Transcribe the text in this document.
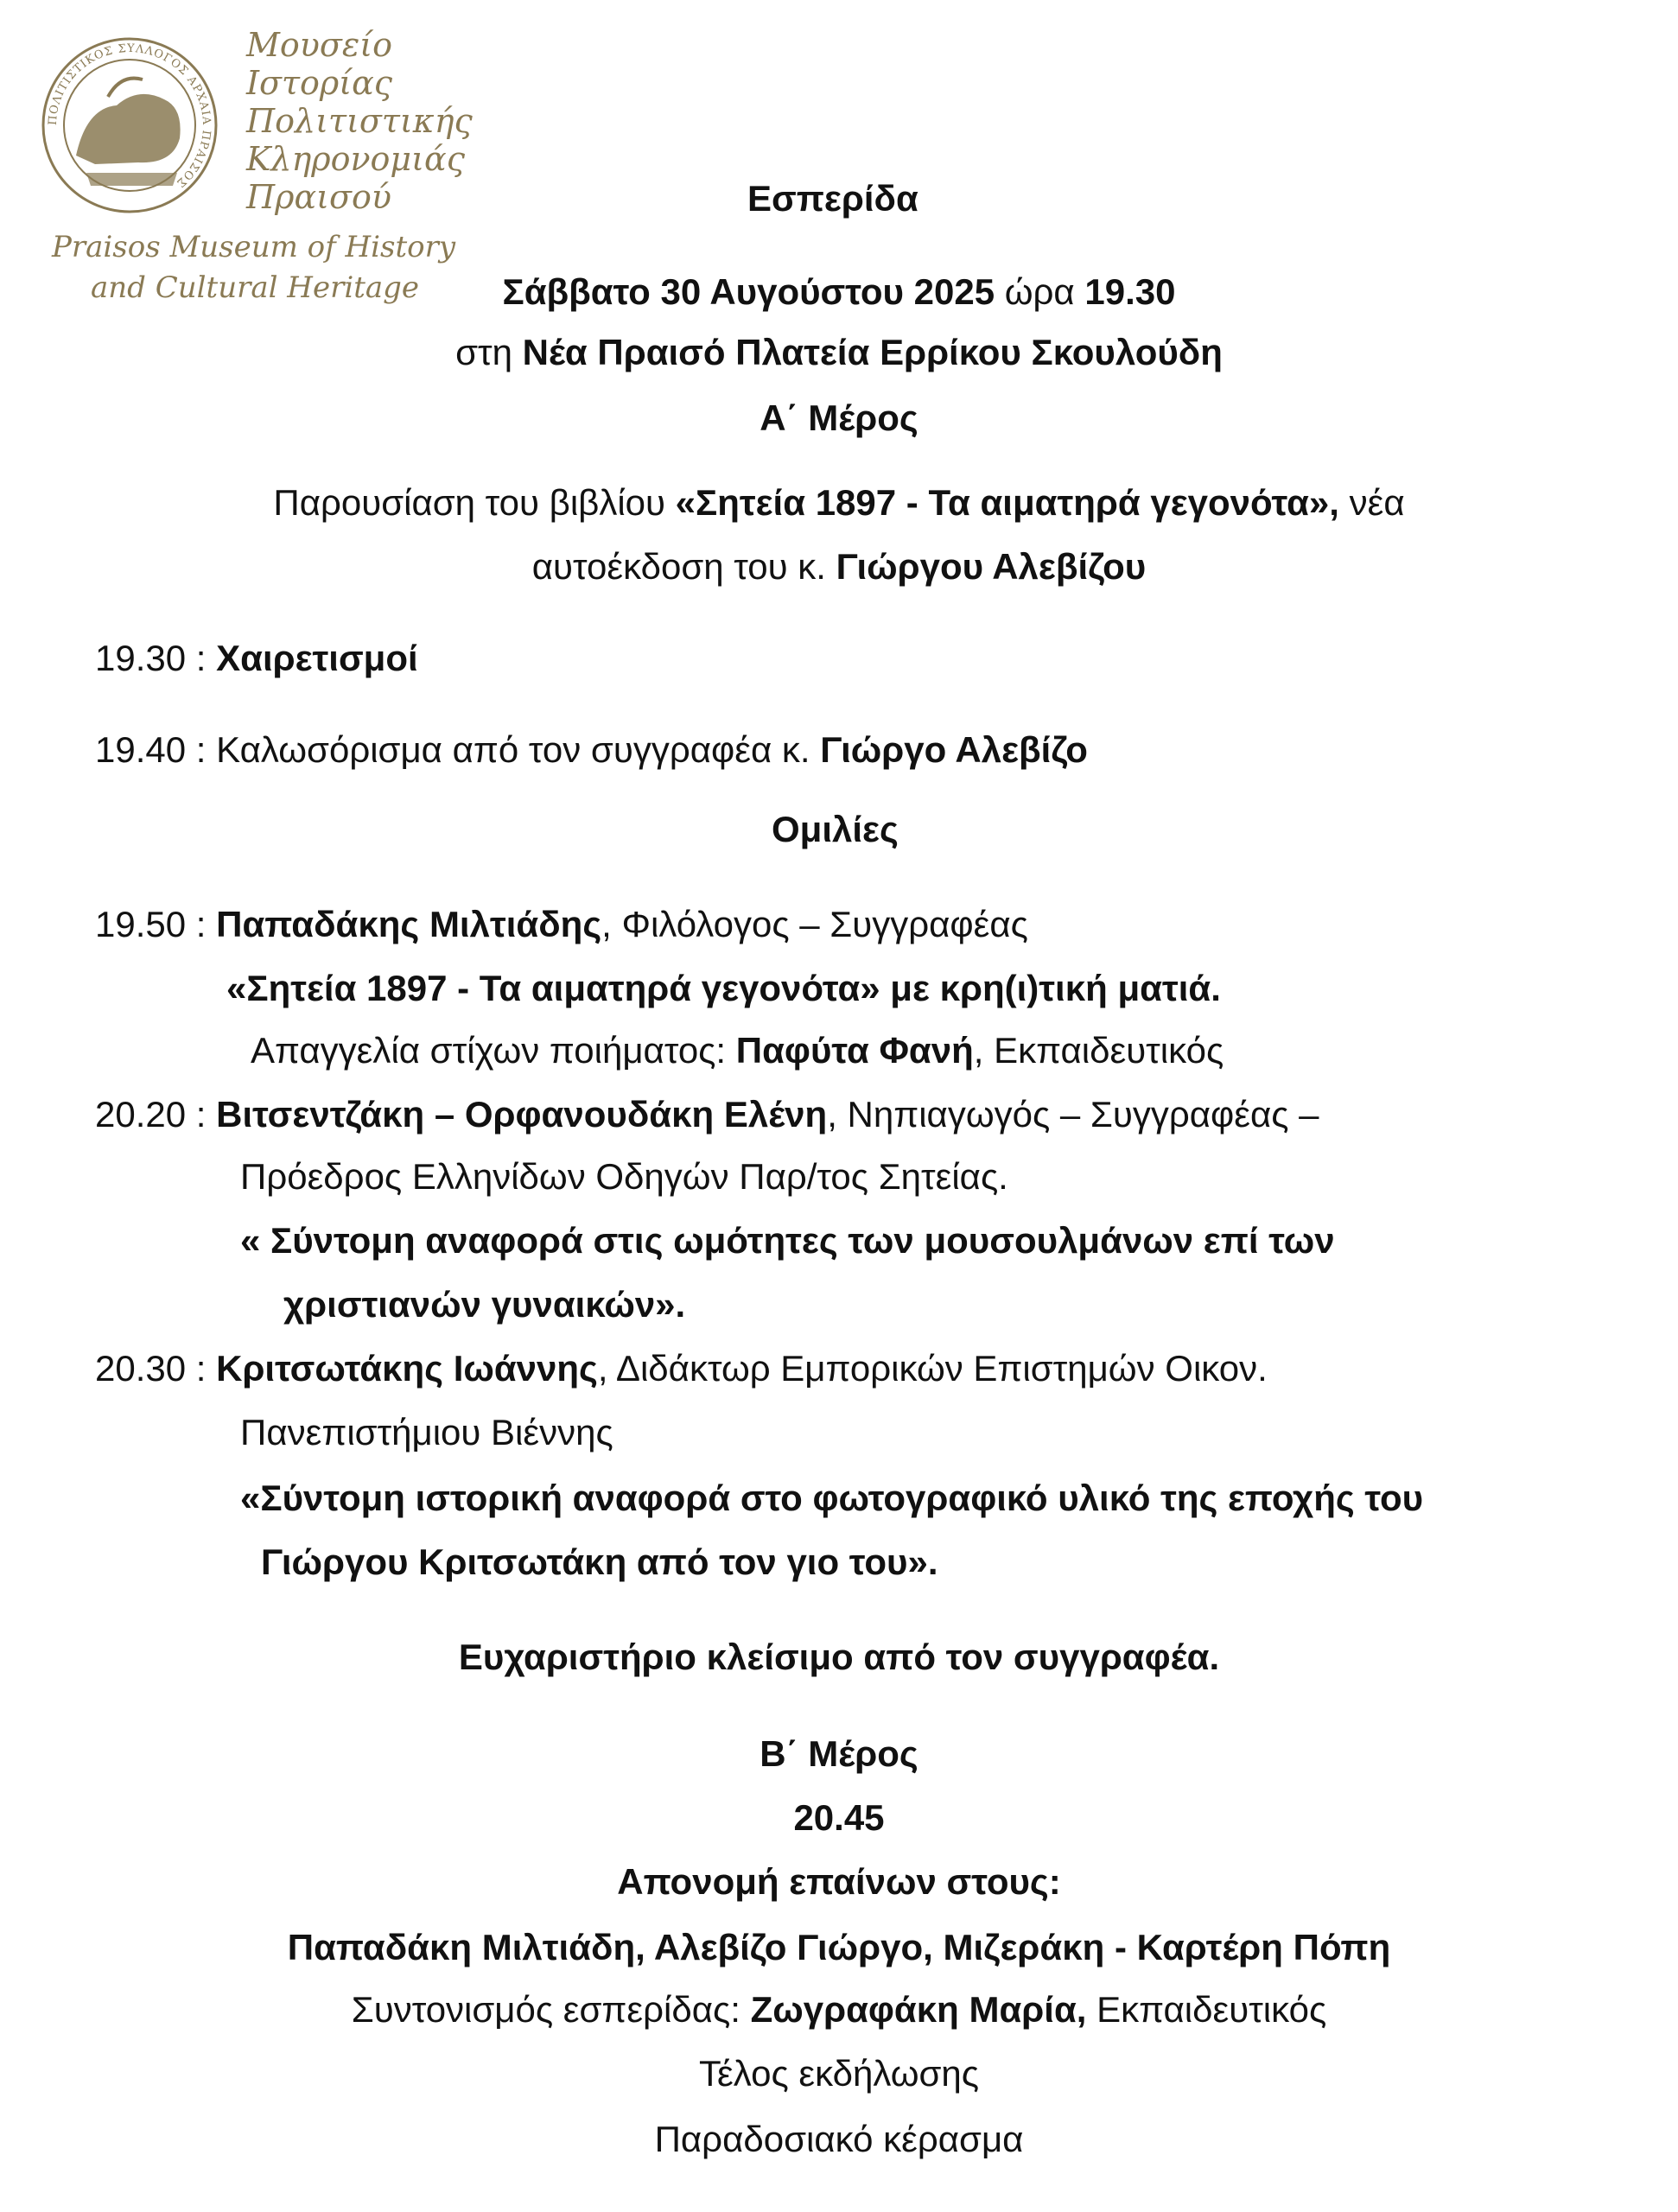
ΠΟΛΙΤΙΣΤΙΚΟΣ ΣΥΛΛΟΓΟΣ ΑΡΧΑΙΑ ΠΡΑΙΣΟΣ
Μουσείο
Ιστορίας
Πολιτιστικής
Κληρονομιάς
Πραισού
Praisos Museum of History
and Cultural Heritage
Εσπερίδα
Σάββατο 30 Αυγούστου 2025 ώρα 19.30
στη Νέα Πραισό Πλατεία Ερρίκου Σκουλούδη
Α΄ Μέρος
Παρουσίαση του βιβλίου «Σητεία 1897 - Τα αιματηρά γεγονότα», νέα
αυτοέκδοση του κ. Γιώργου Αλεβίζου
19.30 : Χαιρετισμοί
19.40 : Καλωσόρισμα από τον συγγραφέα κ. Γιώργο Αλεβίζο
Ομιλίες
19.50 : Παπαδάκης Μιλτιάδης, Φιλόλογος – Συγγραφέας
«Σητεία 1897 - Τα αιματηρά γεγονότα» με κρη(ι)τική ματιά.
Απαγγελία στίχων ποιήματος: Παφύτα Φανή, Εκπαιδευτικός
20.20 : Βιτσεντζάκη – Ορφανουδάκη Ελένη, Νηπιαγωγός – Συγγραφέας –
Πρόεδρος Ελληνίδων Οδηγών Παρ/τος Σητείας.
« Σύντομη αναφορά στις ωμότητες των μουσουλμάνων επί των
χριστιανών γυναικών».
20.30 : Κριτσωτάκης Ιωάννης, Διδάκτωρ Εμπορικών Επιστημών Οικον.
Πανεπιστήμιου Βιέννης
«Σύντομη ιστορική αναφορά στο φωτογραφικό υλικό της εποχής του
Γιώργου Κριτσωτάκη από τον γιο του».
Ευχαριστήριο κλείσιμο από τον συγγραφέα.
Β΄ Μέρος
20.45
Απονομή επαίνων στους:
Παπαδάκη Μιλτιάδη, Αλεβίζο Γιώργο, Μιζεράκη - Καρτέρη Πόπη
Συντονισμός εσπερίδας: Ζωγραφάκη Μαρία, Εκπαιδευτικός
Τέλος εκδήλωσης
Παραδοσιακό κέρασμα
